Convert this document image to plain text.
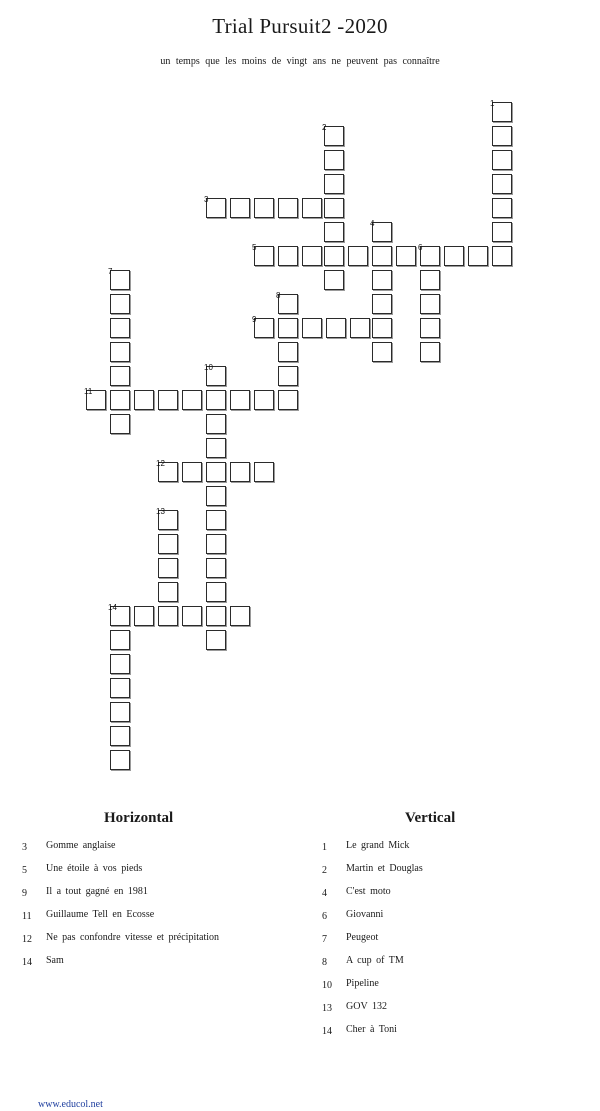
Trial Pursuit2 -2020
un temps que les moins de vingt ans ne peuvent pas connaître
1
2
3
4
5	6
7
8
9
10
11
12
13
14
Horizontal
3	Gomme anglaise
5	Une étoile à vos pieds
9	Il a tout gagné en 1981
11	Guillaume Tell en Ecosse
12	Ne pas confondre vitesse et précipitation
14	Sam
Vertical
1	Le grand Mick
2	Martin et Douglas
4	C'est moto
6	Giovanni
7	Peugeot
8	A cup of TM
10	Pipeline
13	GOV 132
14	Cher à Toni
www.educol.net
